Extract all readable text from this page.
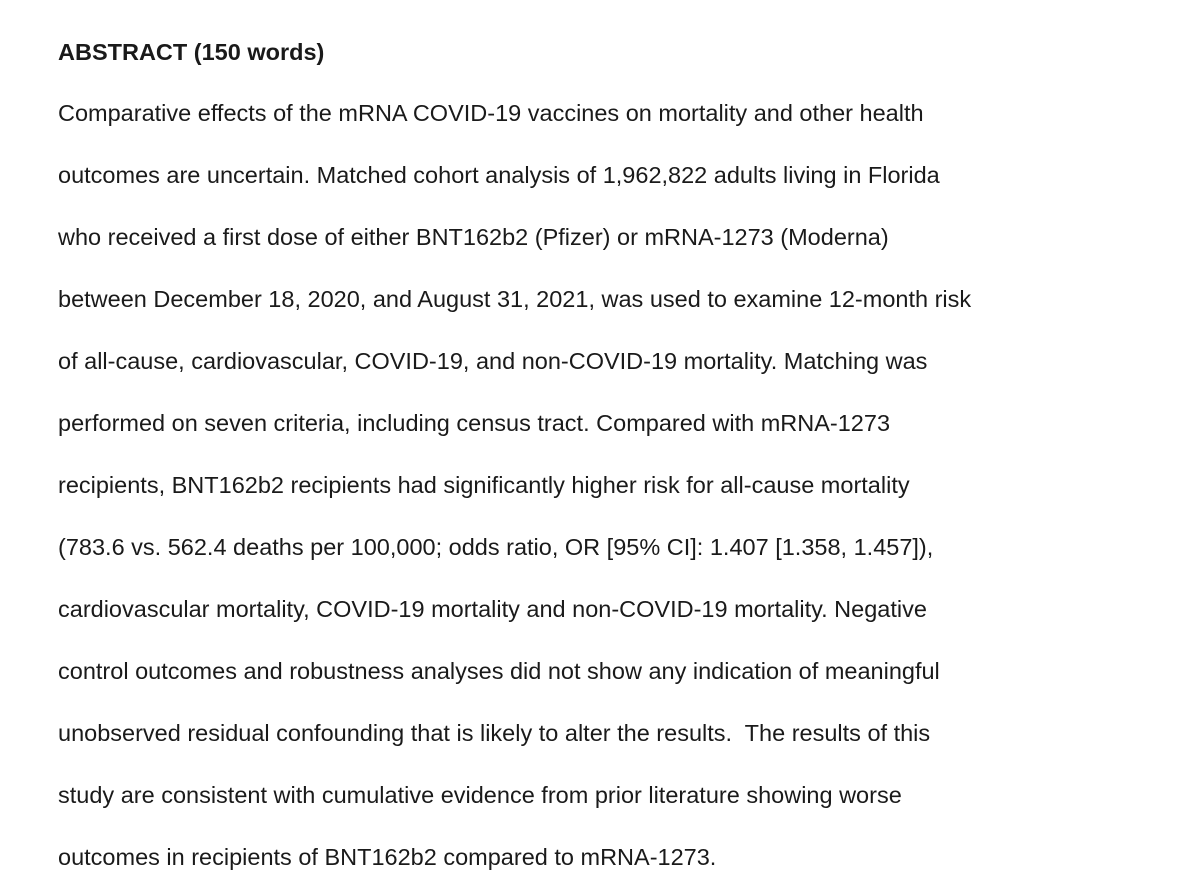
ABSTRACT (150 words)
Comparative effects of the mRNA COVID-19 vaccines on mortality and other health
outcomes are uncertain. Matched cohort analysis of 1,962,822 adults living in Florida
who received a first dose of either BNT162b2 (Pfizer) or mRNA-1273 (Moderna)
between December 18, 2020, and August 31, 2021, was used to examine 12-month risk
of all-cause, cardiovascular, COVID-19, and non-COVID-19 mortality. Matching was
performed on seven criteria, including census tract. Compared with mRNA-1273
recipients, BNT162b2 recipients had significantly higher risk for all-cause mortality
(783.6 vs. 562.4 deaths per 100,000; odds ratio, OR [95% CI]: 1.407 [1.358, 1.457]),
cardiovascular mortality, COVID-19 mortality and non-COVID-19 mortality. Negative
control outcomes and robustness analyses did not show any indication of meaningful
unobserved residual confounding that is likely to alter the results.  The results of this
study are consistent with cumulative evidence from prior literature showing worse
outcomes in recipients of BNT162b2 compared to mRNA-1273.
